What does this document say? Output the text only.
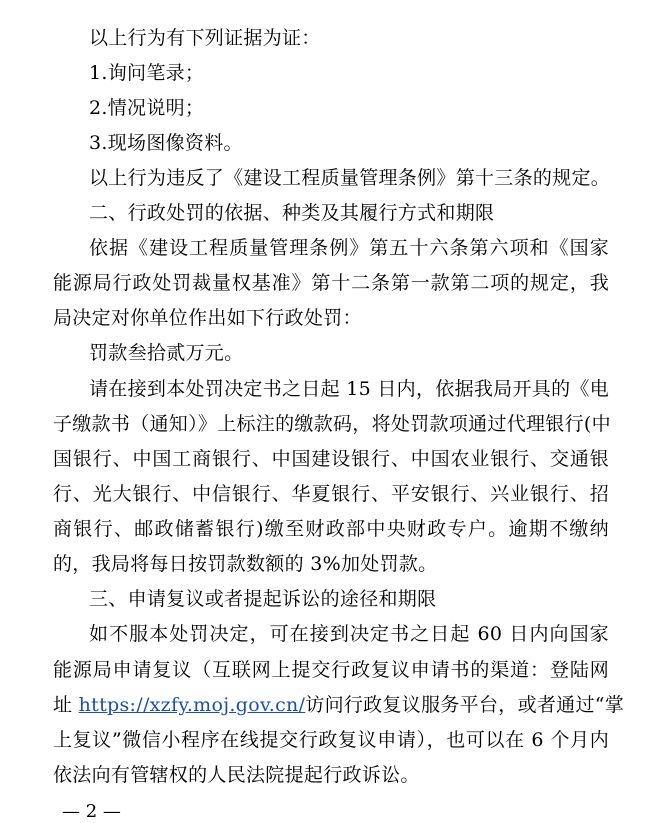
以上行为有下列证据为证：
1.询问笔录；
2.情况说明；
3.现场图像资料。
以上行为违反了《建设工程质量管理条例》第十三条的规定。
二、行政处罚的依据、种类及其履行方式和期限
依据《建设工程质量管理条例》第五十六条第六项和《国家
能源局行政处罚裁量权基准》第十二条第一款第二项的规定，我
局决定对你单位作出如下行政处罚：
罚款叁拾贰万元。
请在接到本处罚决定书之日起 15 日内，依据我局开具的《电
子缴款书（通知）》上标注的缴款码，将处罚款项通过代理银行(中
国银行、中国工商银行、中国建设银行、中国农业银行、交通银
行、光大银行、中信银行、华夏银行、平安银行、兴业银行、招
商银行、邮政储蓄银行)缴至财政部中央财政专户。逾期不缴纳
的，我局将每日按罚款数额的 3%加处罚款。
三、申请复议或者提起诉讼的途径和期限
如不服本处罚决定，可在接到决定书之日起 60 日内向国家
能源局申请复议（互联网上提交行政复议申请书的渠道：登陆网
址 https://xzfy.moj.gov.cn/访问行政复议服务平台，或者通过“掌
上复议”微信小程序在线提交行政复议申请），也可以在 6 个月内
依法向有管辖权的人民法院提起行政诉讼。
— 2 —
